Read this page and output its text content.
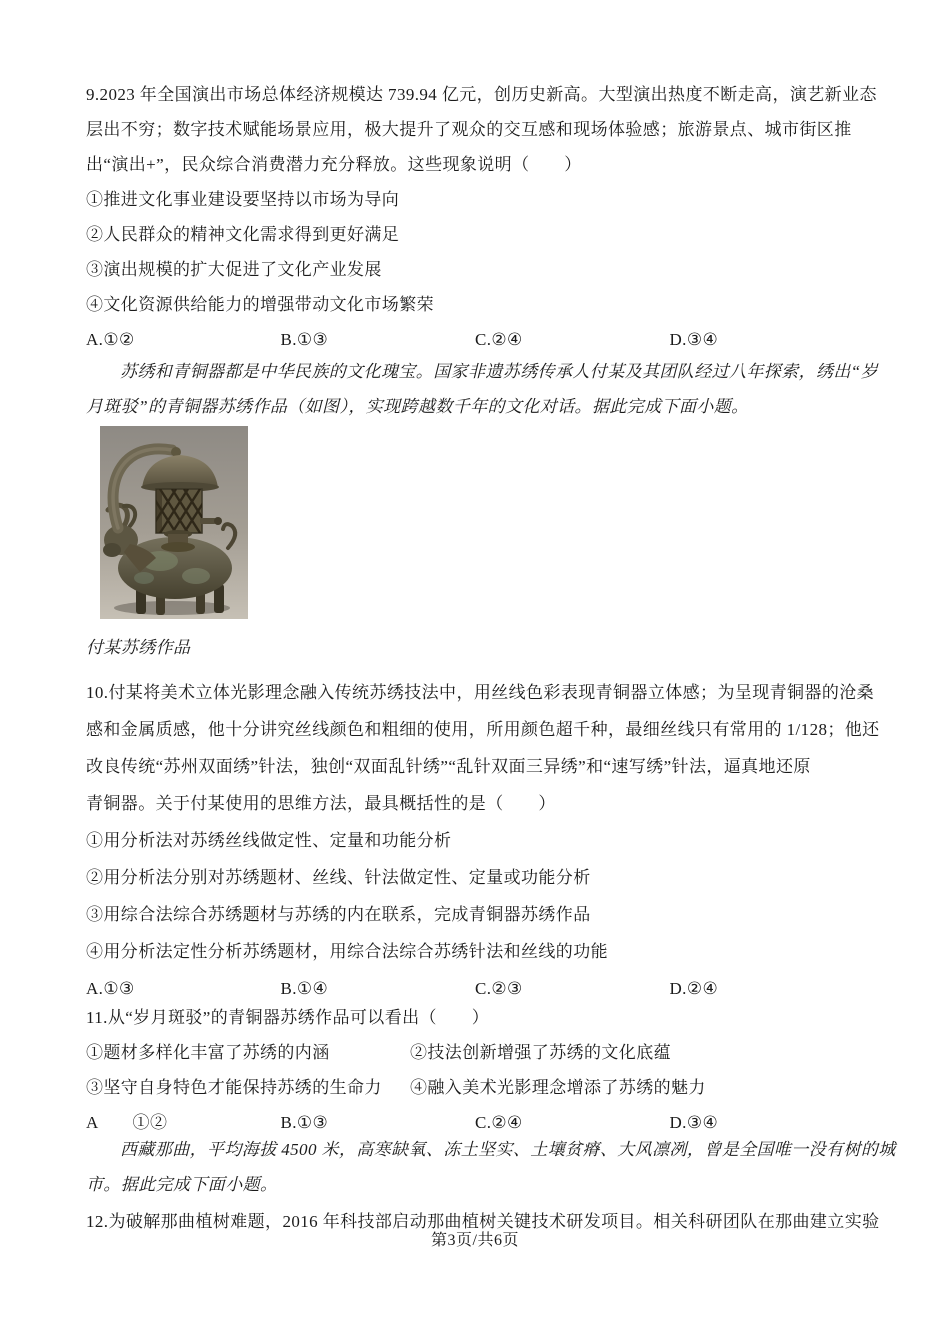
9.2023 年全国演出市场总体经济规模达 739.94 亿元，创历史新高。大型演出热度不断走高，演艺新业态
层出不穷；数字技术赋能场景应用，极大提升了观众的交互感和现场体验感；旅游景点、城市街区推
出“演出+”，民众综合消费潜力充分释放。这些现象说明（　　）
①推进文化事业建设要坚持以市场为导向
②人民群众的精神文化需求得到更好满足
③演出规模的扩大促进了文化产业发展
④文化资源供给能力的增强带动文化市场繁荣
A.①②	B.①③	C.②④	D.③④
苏绣和青铜器都是中华民族的文化瑰宝。国家非遗苏绣传承人付某及其团队经过八年探索，绣出“岁
月斑驳”的青铜器苏绣作品（如图），实现跨越数千年的文化对话。据此完成下面小题。
付某苏绣作品
10.付某将美术立体光影理念融入传统苏绣技法中，用丝线色彩表现青铜器立体感；为呈现青铜器的沧桑
感和金属质感，他十分讲究丝线颜色和粗细的使用，所用颜色超千种，最细丝线只有常用的 1/128；他还
改良传统“苏州双面绣”针法，独创“双面乱针绣”“乱针双面三异绣”和“速写绣”针法，逼真地还原
青铜器。关于付某使用的思维方法，最具概括性的是（　　）
①用分析法对苏绣丝线做定性、定量和功能分析
②用分析法分别对苏绣题材、丝线、针法做定性、定量或功能分析
③用综合法综合苏绣题材与苏绣的内在联系，完成青铜器苏绣作品
④用分析法定性分析苏绣题材，用综合法综合苏绣针法和丝线的功能
A.①③	B.①④	C.②③	D.②④
11.从“岁月斑驳”的青铜器苏绣作品可以看出（　　）
①题材多样化丰富了苏绣的内涵	②技法创新增强了苏绣的文化底蕴
③坚守自身特色才能保持苏绣的生命力	④融入美术光影理念增添了苏绣的魅力
A　　①②	B.①③	C.②④	D.③④
西藏那曲，平均海拔 4500 米，高寒缺氧、冻土坚实、土壤贫瘠、大风凛冽，曾是全国唯一没有树的城
市。据此完成下面小题。
12.为破解那曲植树难题，2016 年科技部启动那曲植树关键技术研发项目。相关科研团队在那曲建立实验
第3页/共6页
